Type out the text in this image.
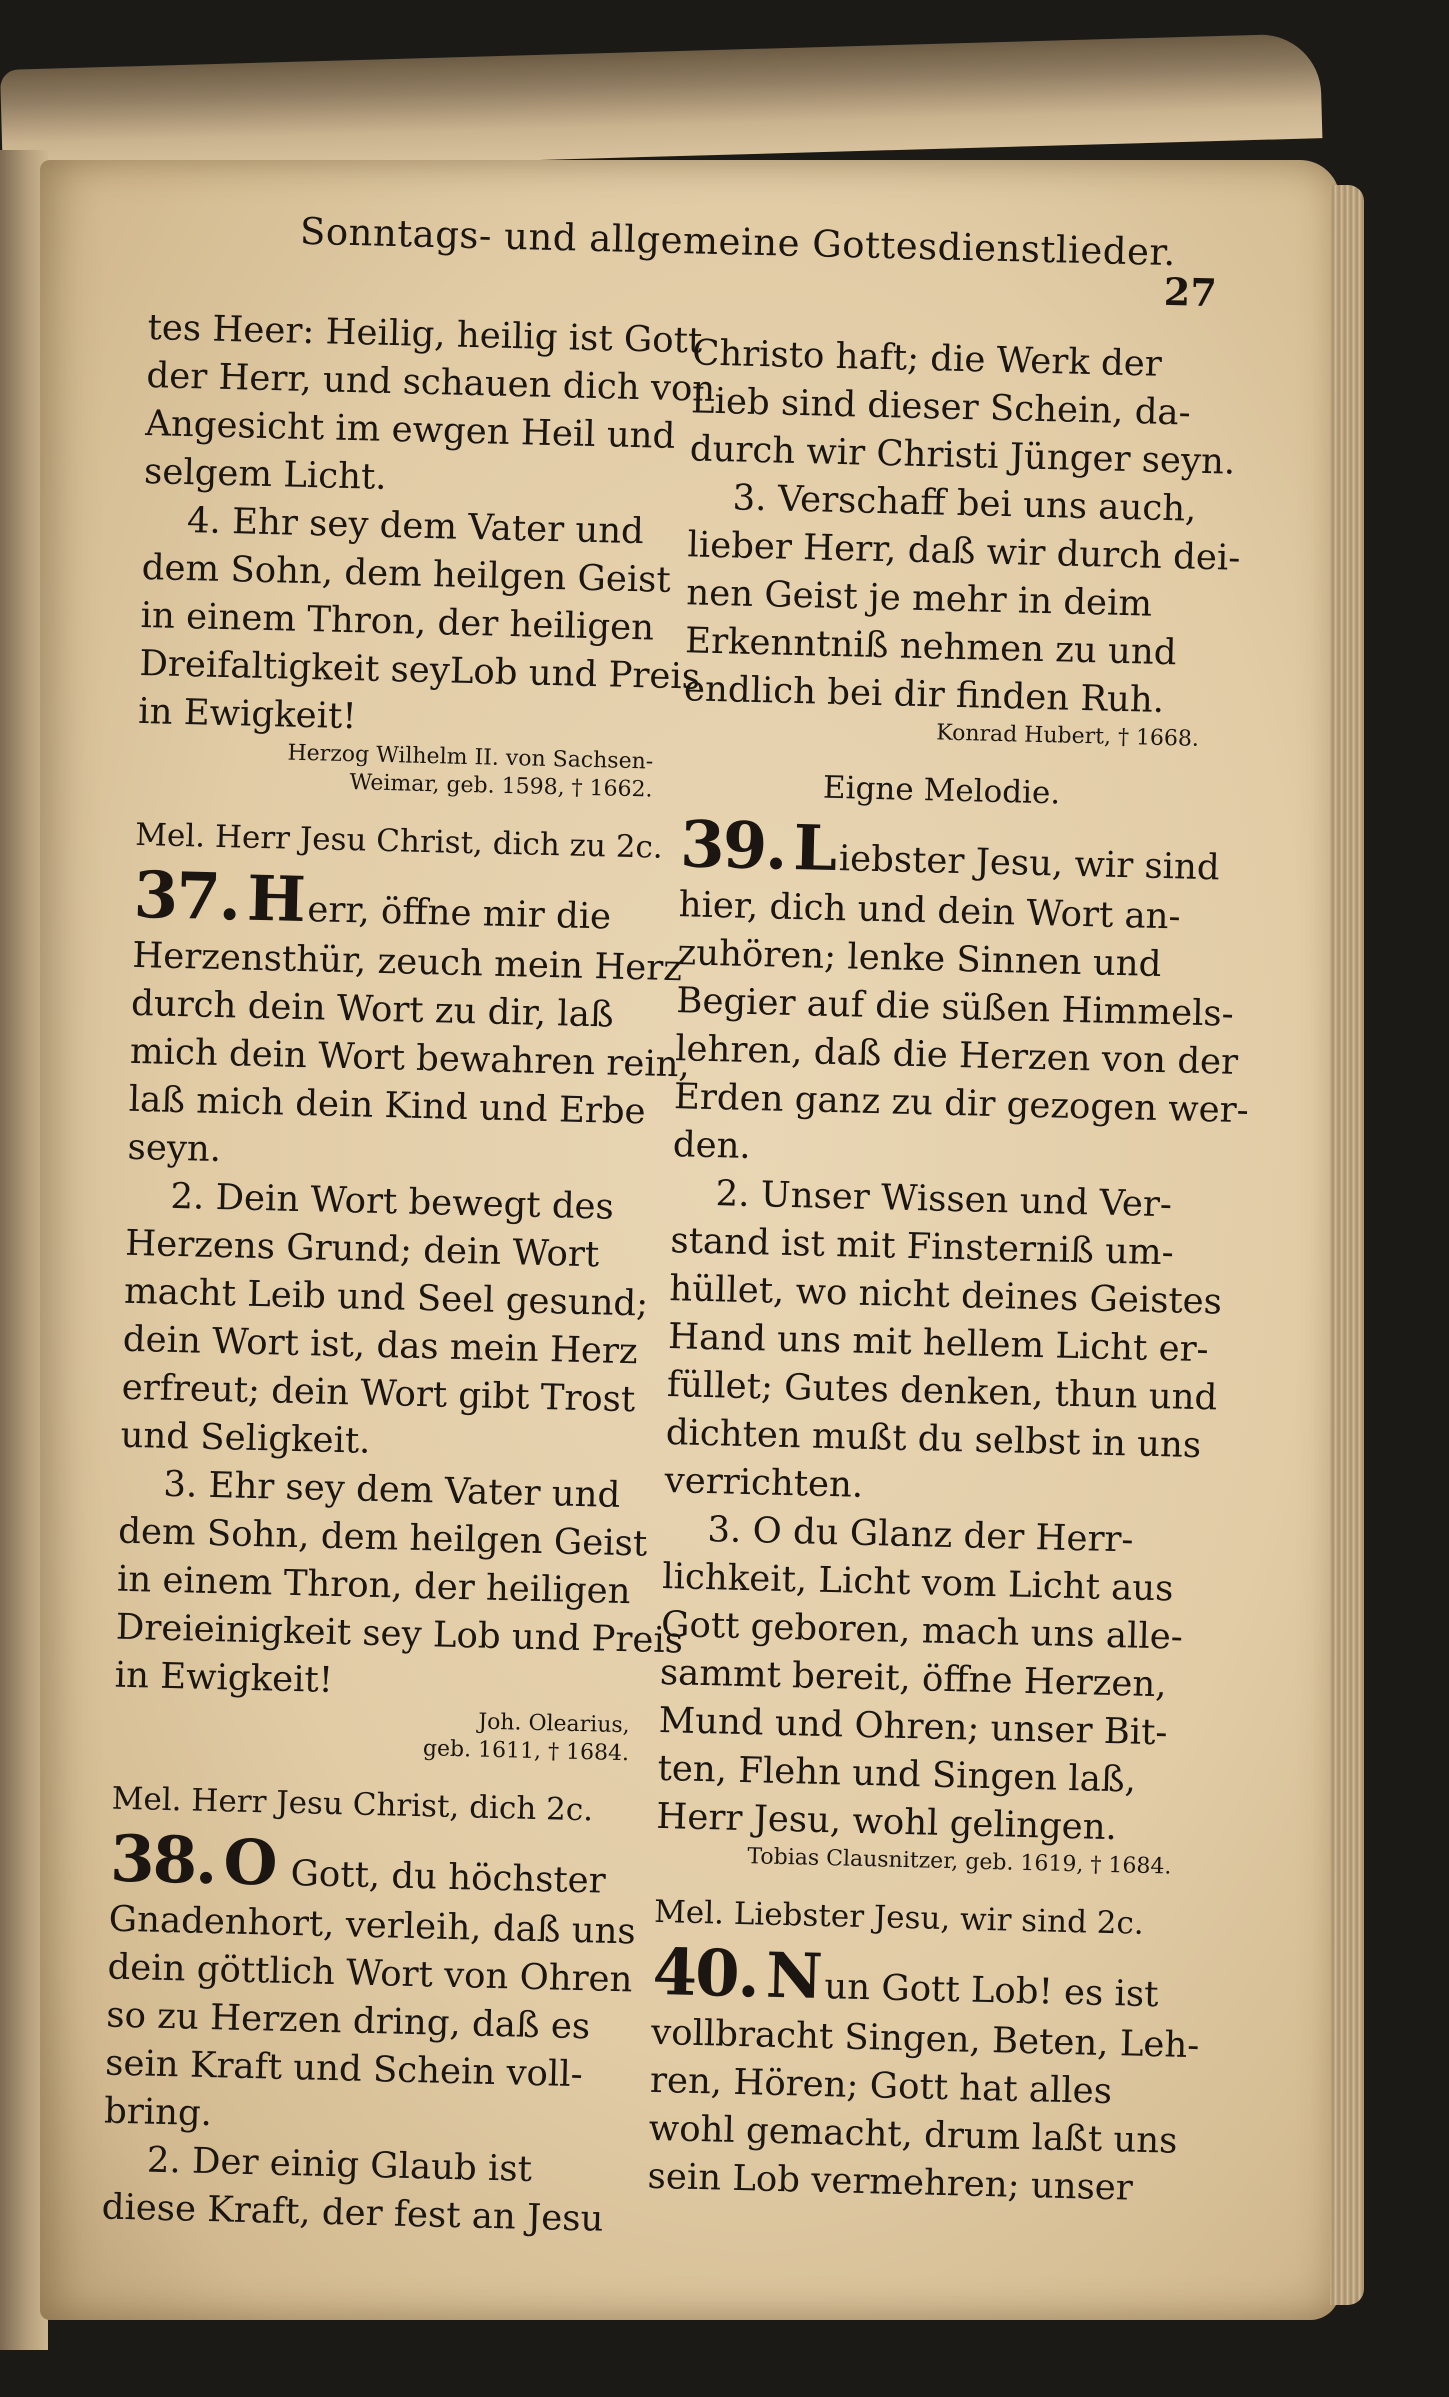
Sonntags- und allgemeine Gottesdienstlieder.
27
tes Heer: Heilig, heilig ist Gott
der Herr, und schauen dich von
Angesicht im ewgen Heil und
selgem Licht.
4. Ehr sey dem Vater und
dem Sohn, dem heilgen Geist
in einem Thron, der heiligen
Dreifaltigkeit seyLob und Preis
in Ewigkeit!
Herzog Wilhelm II. von Sachsen-
Weimar, geb. 1598, † 1662.
Mel. Herr Jesu Christ, dich zu 2c.
37.Herr, öffne mir die
Herzensthür, zeuch mein Herz
durch dein Wort zu dir, laß
mich dein Wort bewahren rein,
laß mich dein Kind und Erbe
seyn.
2. Dein Wort bewegt des
Herzens Grund; dein Wort
macht Leib und Seel gesund;
dein Wort ist, das mein Herz
erfreut; dein Wort gibt Trost
und Seligkeit.
3. Ehr sey dem Vater und
dem Sohn, dem heilgen Geist
in einem Thron, der heiligen
Dreieinigkeit sey Lob und Preis
in Ewigkeit!
Joh. Olearius,
geb. 1611, † 1684.
Mel. Herr Jesu Christ, dich 2c.
38.O Gott, du höchster
Gnadenhort, verleih, daß uns
dein göttlich Wort von Ohren
so zu Herzen dring, daß es
sein Kraft und Schein voll-
bring.
2. Der einig Glaub ist
diese Kraft, der fest an Jesu
Christo haft; die Werk der
Lieb sind dieser Schein, da-
durch wir Christi Jünger seyn.
3. Verschaff bei uns auch,
lieber Herr, daß wir durch dei-
nen Geist je mehr in deim
Erkenntniß nehmen zu und
endlich bei dir finden Ruh.
Konrad Hubert, † 1668.
Eigne Melodie.
39.Liebster Jesu, wir sind
hier, dich und dein Wort an-
zuhören; lenke Sinnen und
Begier auf die süßen Himmels-
lehren, daß die Herzen von der
Erden ganz zu dir gezogen wer-
den.
2. Unser Wissen und Ver-
stand ist mit Finsterniß um-
hüllet, wo nicht deines Geistes
Hand uns mit hellem Licht er-
füllet; Gutes denken, thun und
dichten mußt du selbst in uns
verrichten.
3. O du Glanz der Herr-
lichkeit, Licht vom Licht aus
Gott geboren, mach uns alle-
sammt bereit, öffne Herzen,
Mund und Ohren; unser Bit-
ten, Flehn und Singen laß,
Herr Jesu, wohl gelingen.
Tobias Clausnitzer, geb. 1619, † 1684.
Mel. Liebster Jesu, wir sind 2c.
40.Nun Gott Lob! es ist
vollbracht Singen, Beten, Leh-
ren, Hören; Gott hat alles
wohl gemacht, drum laßt uns
sein Lob vermehren; unser
